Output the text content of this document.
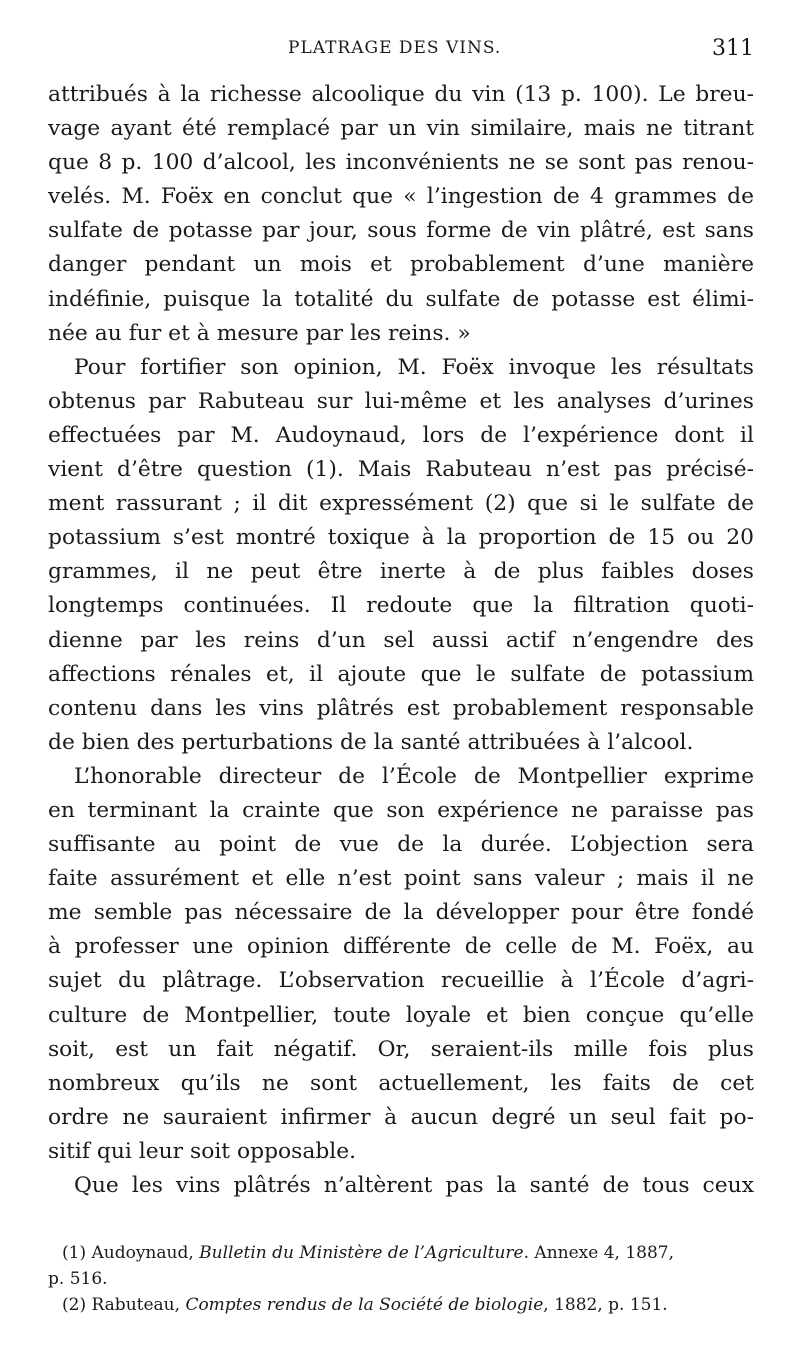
PLATRAGE DES VINS.	311
attribués à la richesse alcoolique du vin (13 p. 100). Le breu-
vage ayant été remplacé par un vin similaire, mais ne titrant
que 8 p. 100 d’alcool, les inconvénients ne se sont pas renou-
velés. M. Foëx en conclut que « l’ingestion de 4 grammes de
sulfate de potasse par jour, sous forme de vin plâtré, est sans
danger pendant un mois et probablement d’une manière
indéfinie, puisque la totalité du sulfate de potasse est élimi-
née au fur et à mesure par les reins. »
Pour fortifier son opinion, M. Foëx invoque les résultats
obtenus par Rabuteau sur lui-même et les analyses d’urines
effectuées par M. Audoynaud, lors de l’expérience dont il
vient d’être question (1). Mais Rabuteau n’est pas précisé-
ment rassurant ; il dit expressément (2) que si le sulfate de
potassium s’est montré toxique à la proportion de 15 ou 20
grammes, il ne peut être inerte à de plus faibles doses
longtemps continuées. Il redoute que la filtration quoti-
dienne par les reins d’un sel aussi actif n’engendre des
affections rénales et, il ajoute que le sulfate de potassium
contenu dans les vins plâtrés est probablement responsable
de bien des perturbations de la santé attribuées à l’alcool.
L’honorable directeur de l’École de Montpellier exprime
en terminant la crainte que son expérience ne paraisse pas
suffisante au point de vue de la durée. L’objection sera
faite assurément et elle n’est point sans valeur ; mais il ne
me semble pas nécessaire de la développer pour être fondé
à professer une opinion différente de celle de M. Foëx, au
sujet du plâtrage. L’observation recueillie à l’École d’agri-
culture de Montpellier, toute loyale et bien conçue qu’elle
soit, est un fait négatif. Or, seraient-ils mille fois plus
nombreux qu’ils ne sont actuellement, les faits de cet
ordre ne sauraient infirmer à aucun degré un seul fait po-
sitif qui leur soit opposable.
Que les vins plâtrés n’altèrent pas la santé de tous ceux
(1) Audoynaud, Bulletin du Ministère de l’Agriculture. Annexe 4, 1887,
p. 516.
(2) Rabuteau, Comptes rendus de la Société de biologie, 1882, p. 151.
